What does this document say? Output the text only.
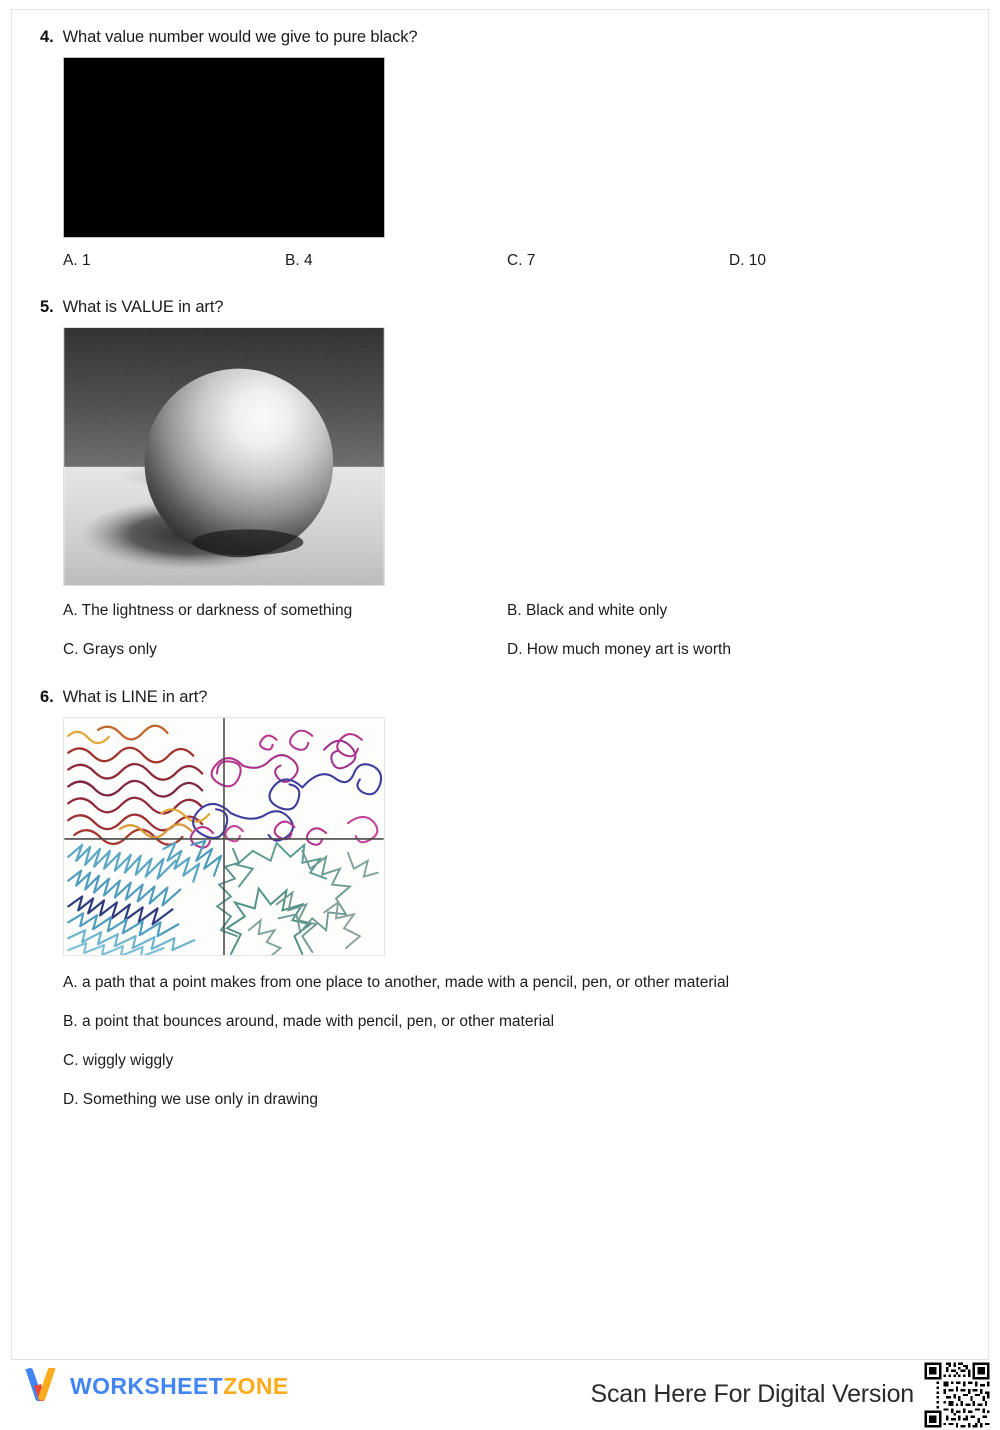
4. What value number would we give to pure black?
A. 1	B. 4	C. 7	D. 10
5. What is VALUE in art?
A. The lightness or darkness of something	B. Black and white only
C. Grays only	D. How much money art is worth
6. What is LINE in art?
A. a path that a point makes from one place to another, made with a pencil, pen, or other material
B. a point that bounces around, made with pencil, pen, or other material
C. wiggly wiggly
D. Something we use only in drawing
WORKSHEETZONE	Scan Here For Digital Version
